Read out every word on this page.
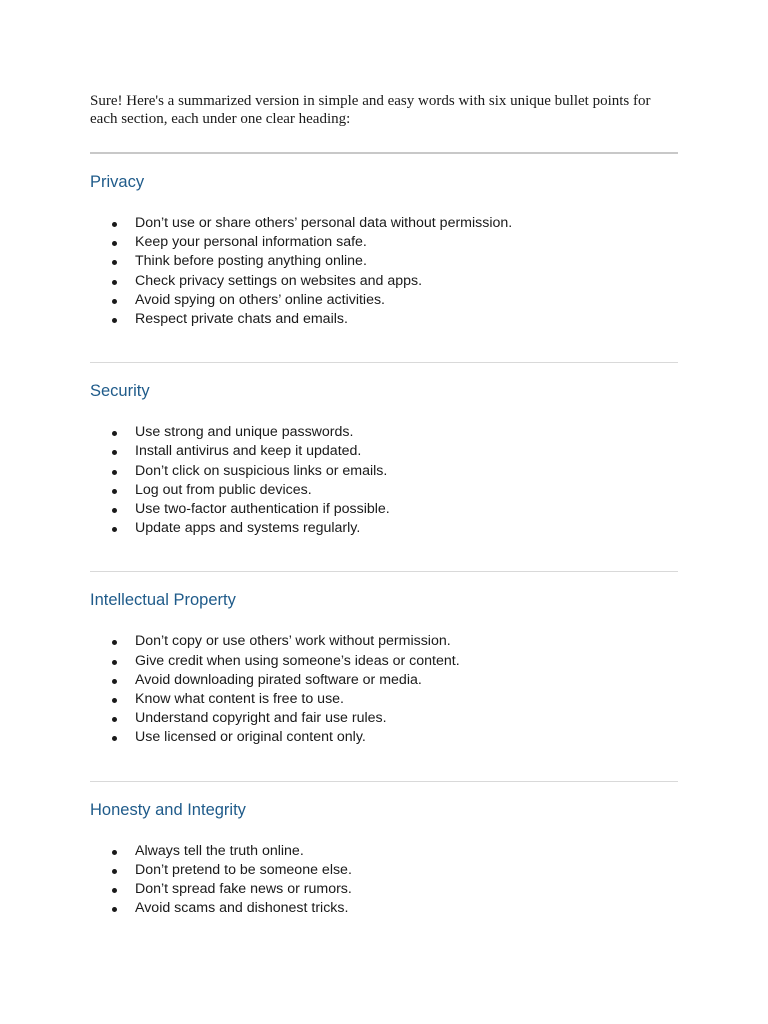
Sure! Here's a summarized version in simple and easy words with six unique bullet points for each section, each under one clear heading:

Privacy
Don’t use or share others’ personal data without permission.
Keep your personal information safe.
Think before posting anything online.
Check privacy settings on websites and apps.
Avoid spying on others’ online activities.
Respect private chats and emails.
Security
Use strong and unique passwords.
Install antivirus and keep it updated.
Don’t click on suspicious links or emails.
Log out from public devices.
Use two-factor authentication if possible.
Update apps and systems regularly.
Intellectual Property
Don’t copy or use others’ work without permission.
Give credit when using someone’s ideas or content.
Avoid downloading pirated software or media.
Know what content is free to use.
Understand copyright and fair use rules.
Use licensed or original content only.
Honesty and Integrity
Always tell the truth online.
Don’t pretend to be someone else.
Don’t spread fake news or rumors.
Avoid scams and dishonest tricks.
